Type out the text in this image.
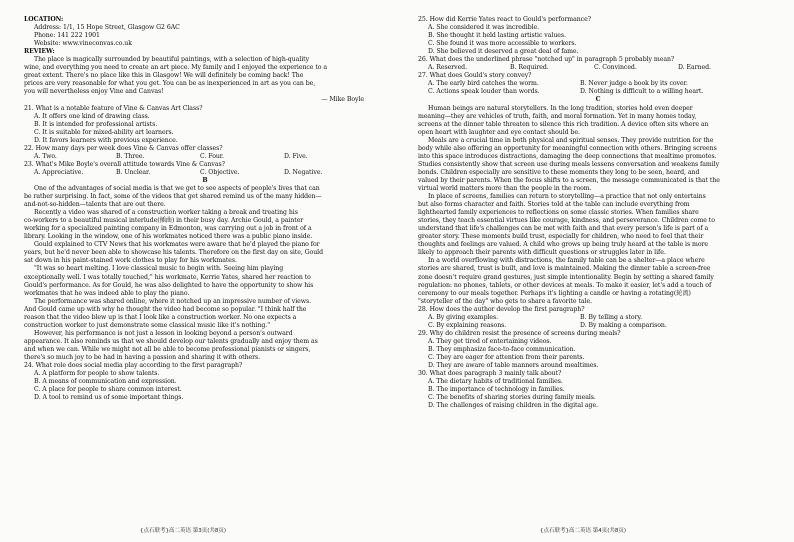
LOCATION:
Address: 1/1, 15 Hope Street, Glasgow G2 6AC
Phone: 141 222 1901
Website: www.vineconvas.co.uk
REVIEW:
The place is magically surrounded by beautiful paintings, with a selection of high-quality
wine, and everything you need to create an art piece. My family and I enjoyed the experience to a
great extent. There's no place like this in Glasgow! We will definitely be coming back! The
prices are very reasonable for what you get. You can be as inexperienced in art as you can be,
you will nevertheless enjoy Vine and Canvas!
— Mike Boyle
21. What is a notable feature of Vine & Canvas Art Class?
A. It offers one kind of drawing class.
B. It is intended for professional artists.
C. It is suitable for mixed-ability art learners.
D. It favors learners with previous experience.
22. How many days per week does Vine & Canvas offer classes?
A. Two.	B. Three.	C. Four.	D. Five.
23. What's Mike Boyle's overall attitude towards Vine & Canvas?
A. Appreciative.	B. Unclear.	C. Objective.	D. Negative.
B
One of the advantages of social media is that we get to see aspects of people's lives that can
be rather surprising. In fact, some of the videos that get shared remind us of the many hidden—
and-not-so-hidden—talents that are out there.
Recently a video was shared of a construction worker taking a break and treating his
co-workers to a beautiful musical interlude(插曲) in their busy day. Archie Gould, a painter
working for a specialized painting company in Edmonton, was carrying out a job in front of a
library. Looking in the window, one of his workmates noticed there was a public piano inside.
Gould explained to CTV News that his workmates were aware that he'd played the piano for
years, but he'd never been able to showcase his talents. Therefore on the first day on site, Gould
sat down in his paint-stained work clothes to play for his workmates.
"It was so heart melting. I love classical music to begin with. Seeing him playing
exceptionally well. I was totally touched," his workmate, Kerrie Yates, shared her reaction to
Gould's performance. As for Gould, he was also delighted to have the opportunity to show his
workmates that he was indeed able to play the piano.
The performance was shared online, where it notched up an impressive number of views.
And Gould came up with why he thought the video had become so popular. "I think half the
reason that the video blew up is that I look like a construction worker. No one expects a
construction worker to just demonstrate some classical music like it's nothing."
However, his performance is not just a lesson in looking beyond a person's outward
appearance. It also reminds us that we should develop our talents gradually and enjoy them as
and when we can. While we might not all be able to become professional pianists or singers,
there's so much joy to be had in having a passion and sharing it with others.
24. What role does social media play according to the first paragraph?
A. A platform for people to show talents.
B. A means of communication and expression.
C. A place for people to share common interest.
D. A tool to remind us of some important things.
25. How did Kerrie Yates react to Gould's performance?
A. She considered it was incredible.
B. She thought it held lasting artistic values.
C. She found it was more accessible to workers.
D. She believed it deserved a great deal of fame.
26. What does the underlined phrase "notched up" in paragraph 5 probably mean?
A. Reserved.	B. Required.	C. Convinced.	D. Earned.
27. What does Gould's story convey?
A. The early bird catches the worm.	B. Never judge a book by its cover.
C. Actions speak louder than words.	D. Nothing is difficult to a willing heart.
C
Human beings are natural storytellers. In the long tradition, stories hold even deeper
meaning—they are vehicles of truth, faith, and moral formation. Yet in many homes today,
screens at the dinner table threaten to silence this rich tradition. A device often sits where an
open heart with laughter and eye contact should be.
Meals are a crucial time in both physical and spiritual senses. They provide nutrition for the
body while also offering an opportunity for meaningful connection with others. Bringing screens
into this space introduces distractions, damaging the deep connections that mealtime promotes.
Studies consistently show that screen use during meals lessens conversation and weakens family
bonds. Children especially are sensitive to these moments they long to be seen, heard, and
valued by their parents. When the focus shifts to a screen, the message communicated is that the
virtual world matters more than the people in the room.
In place of screens, families can return to storytelling—a practice that not only entertains
but also forms character and faith. Stories told at the table can include everything from
lighthearted family experiences to reflections on some classic stories. When families share
stories, they teach essential virtues like courage, kindness, and perseverance. Children come to
understand that life's challenges can be met with faith and that every person's life is part of a
greater story. These moments build trust, especially for children, who need to feel that their
thoughts and feelings are valued. A child who grows up being truly heard at the table is more
likely to approach their parents with difficult questions or struggles later in life.
In a world overflowing with distractions, the family table can be a shelter—a place where
stories are shared, trust is built, and love is maintained. Making the dinner table a screen-free
zone doesn't require grand gestures, just simple intentionality. Begin by setting a shared family
regulation: no phones, tablets, or other devices at meals. To make it easier, let's add a touch of
ceremony to our meals together. Perhaps it's lighting a candle or having a rotating(轮流)
"storyteller of the day" who gets to share a favorite tale.
28. How does the author develop the first paragraph?
A. By giving examples.	B. By telling a story.
C. By explaining reasons.	D. By making a comparison.
29. Why do children resist the presence of screens during meals?
A. They get tired of entertaining videos.
B. They emphasize face-to-face communication.
C. They are eager for attention from their parents.
D. They are aware of table manners around mealtimes.
30. What does paragraph 3 mainly talk about?
A. The dietary habits of traditional families.
B. The importance of technology in families.
C. The benefits of sharing stories during family meals.
D. The challenges of raising children in the digital age.
{点石联考}高二英语 第3页(共8页)	{点石联考}高二英语 第4页(共8页)
